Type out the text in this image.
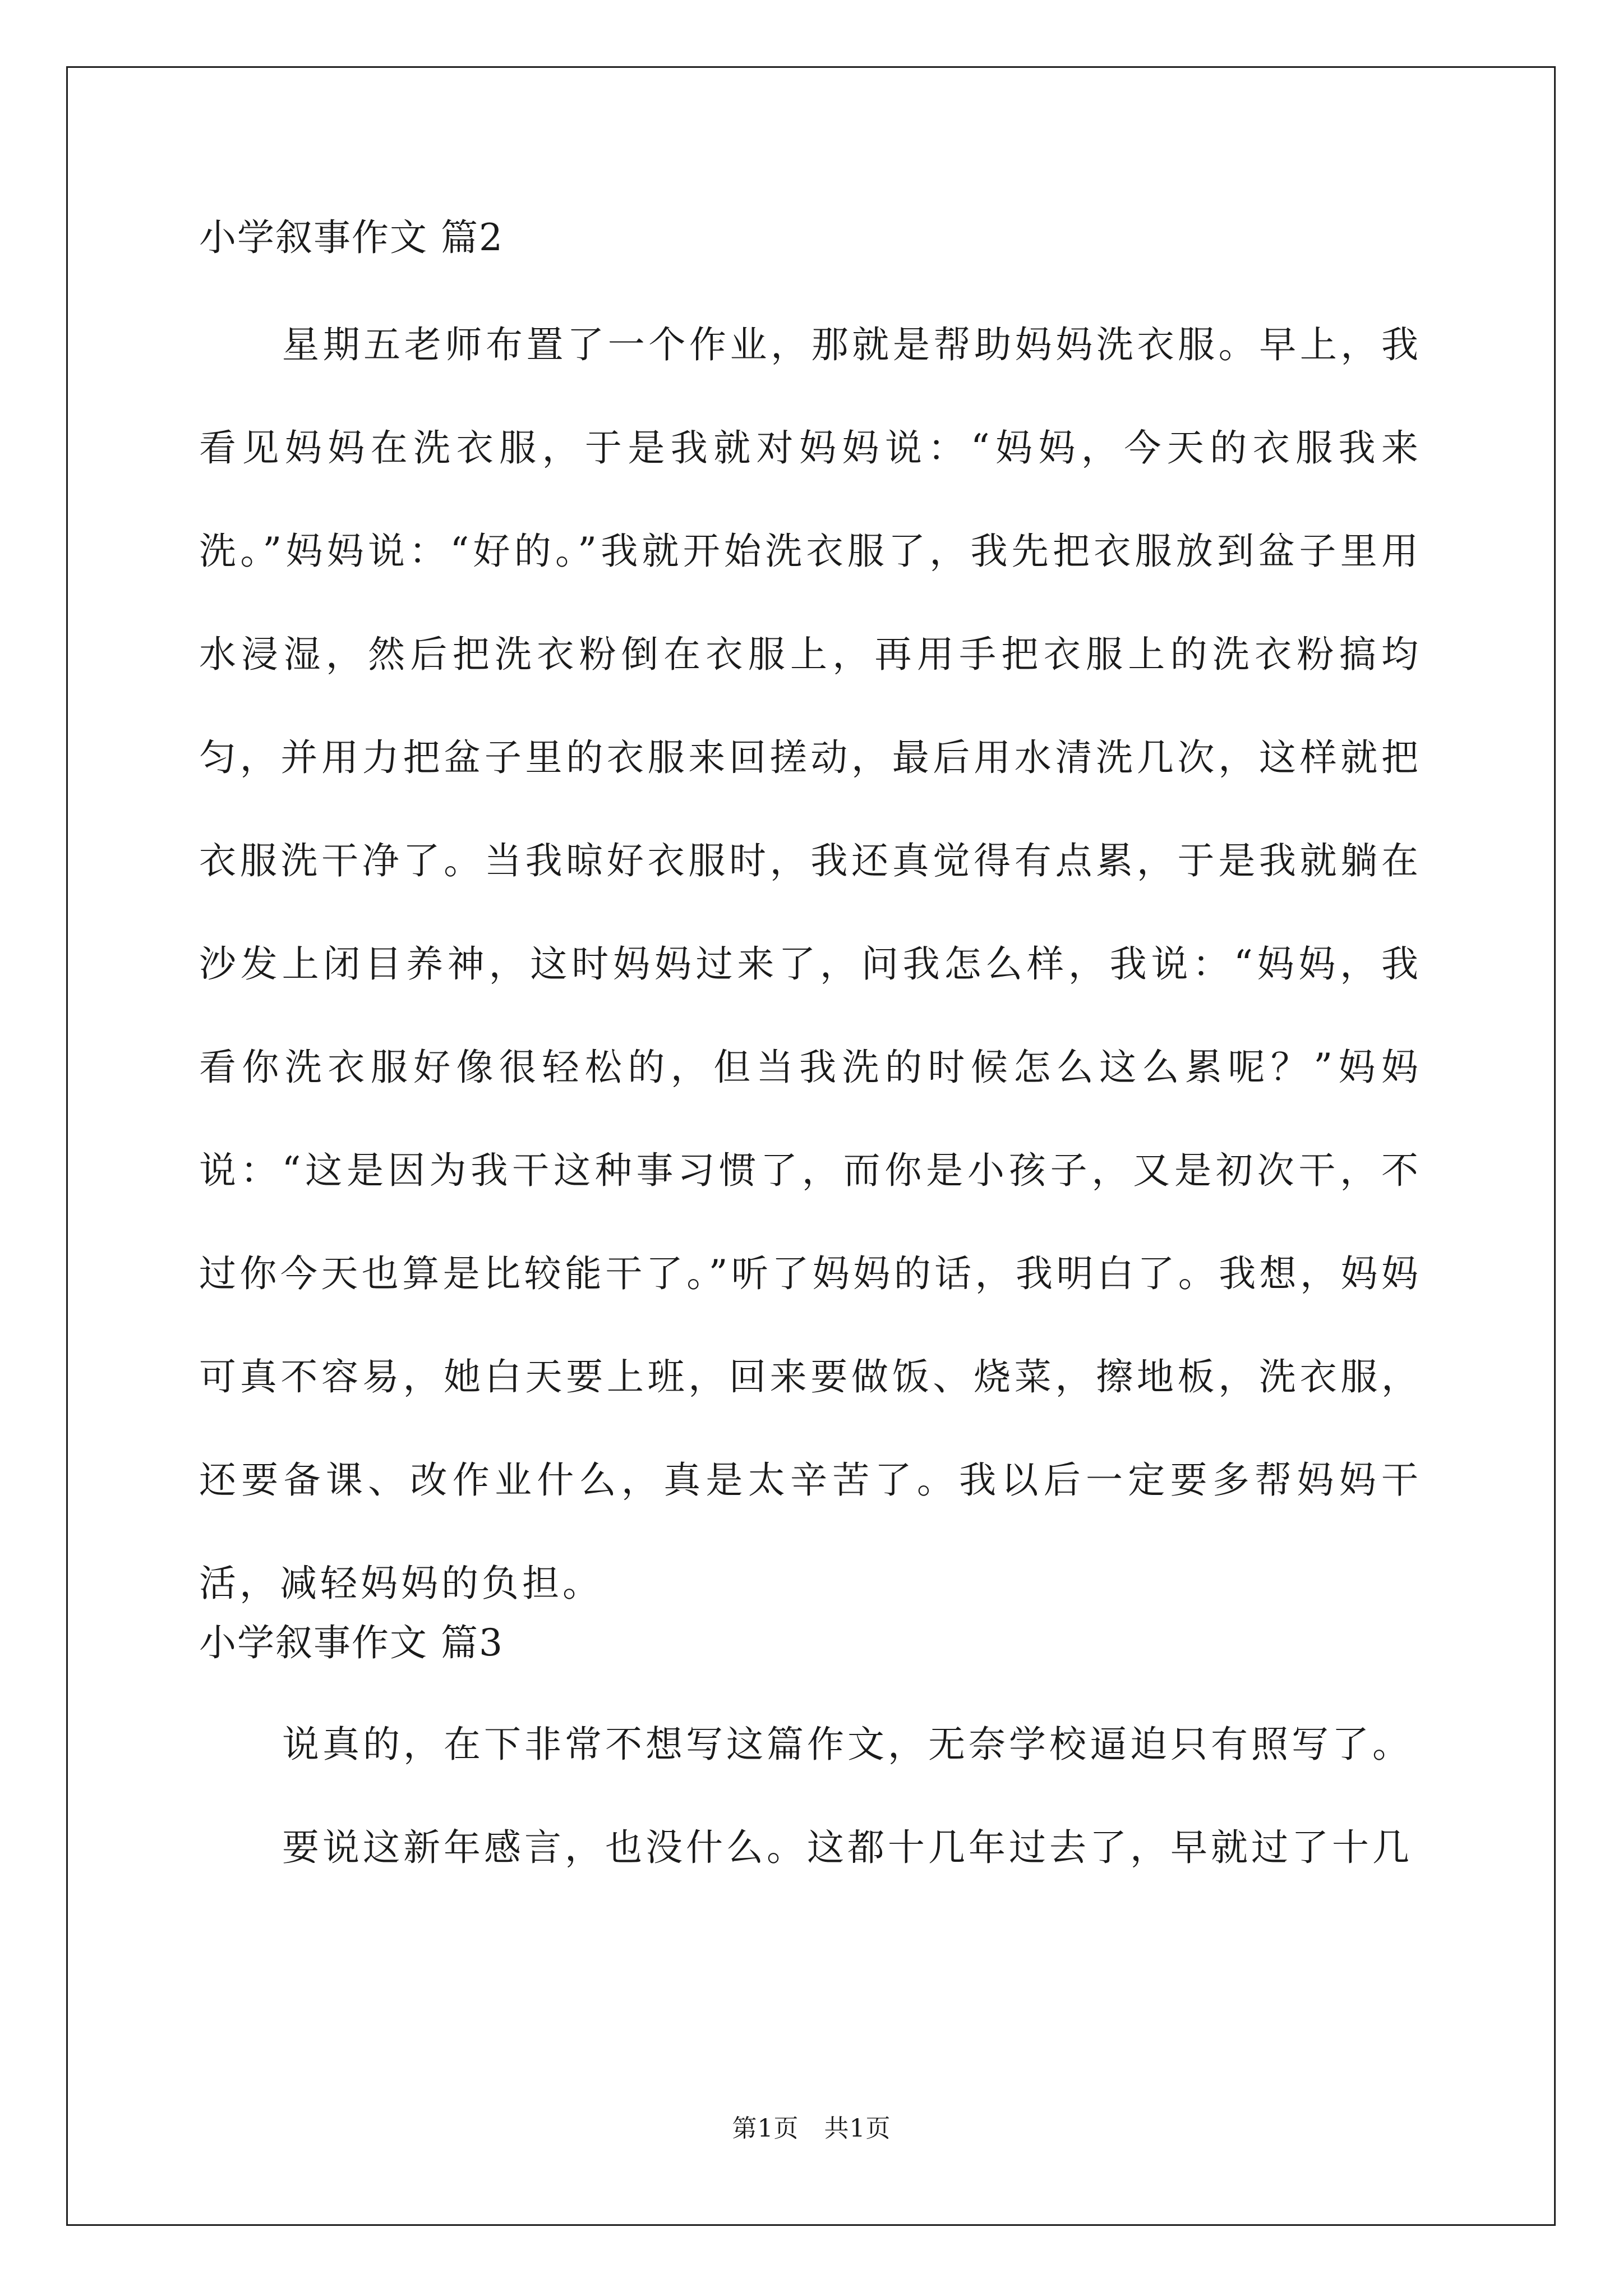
小学叙事作文 篇2

星期五老师布置了一个作业，那就是帮助妈妈洗衣服。早上，我看见妈妈在洗衣服，于是我就对妈妈说：“妈妈，今天的衣服我来洗。”妈妈说：“好的。”我就开始洗衣服了，我先把衣服放到盆子里用水浸湿，然后把洗衣粉倒在衣服上，再用手把衣服上的洗衣粉搞均匀，并用力把盆子里的衣服来回搓动，最后用水清洗几次，这样就把衣服洗干净了。当我晾好衣服时，我还真觉得有点累，于是我就躺在沙发上闭目养神，这时妈妈过来了，问我怎么样，我说：“妈妈，我看你洗衣服好像很轻松的，但当我洗的时候怎么这么累呢？”妈妈说：“这是因为我干这种事习惯了，而你是小孩子，又是初次干，不过你今天也算是比较能干了。”听了妈妈的话，我明白了。我想，妈妈可真不容易，她白天要上班，回来要做饭、烧菜，擦地板，洗衣服，还要备课、改作业什么，真是太辛苦了。我以后一定要多帮妈妈干活，减轻妈妈的负担。

小学叙事作文 篇3

说真的，在下非常不想写这篇作文，无奈学校逼迫只有照写了。

要说这新年感言，也没什么。这都十几年过去了，早就过了十几

第1页　共1页
